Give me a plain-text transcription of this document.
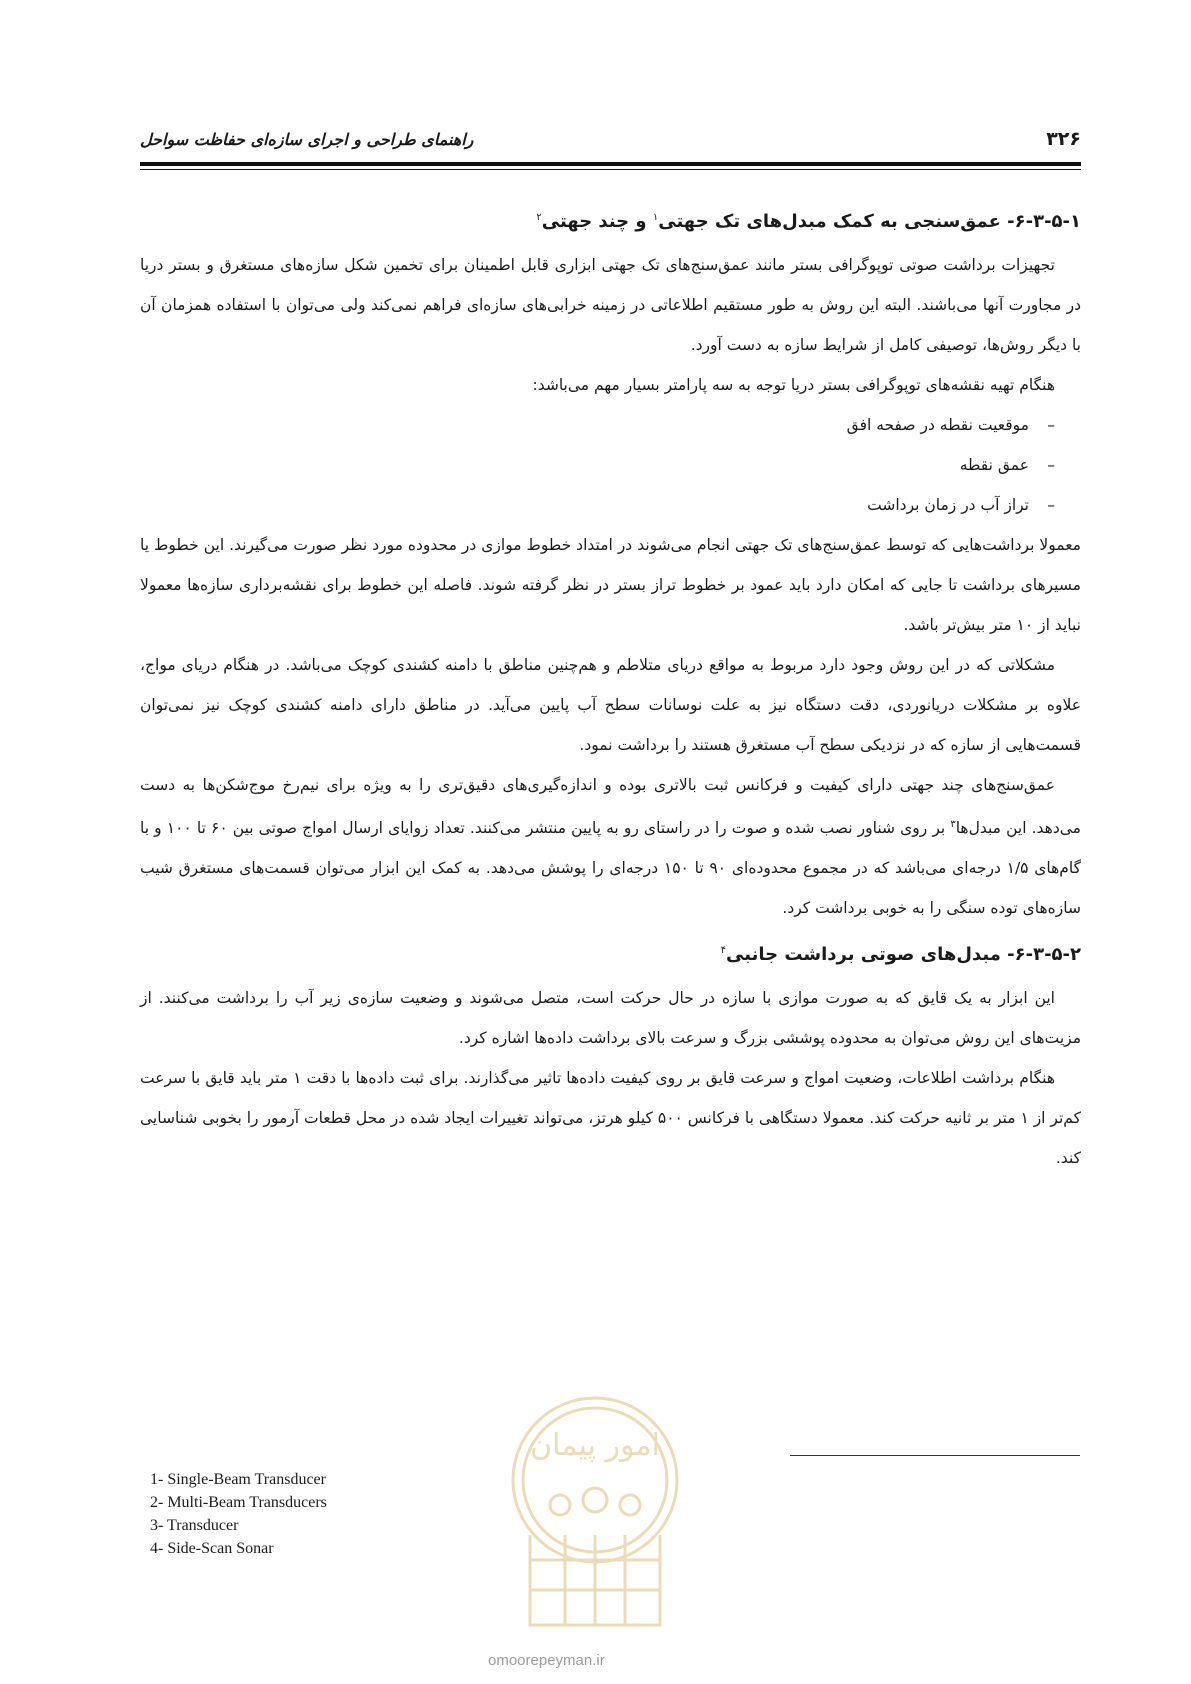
۳۲۶
راهنمای طراحی و اجرای سازه‌ای حفاظت سواحل
۶-۳-۵-۱- عمق‌سنجی به کمک مبدل‌های تک جهتی$^۱$ و چند جهتی$^۲$

تجهیزات برداشت صوتی توپوگرافی بستر مانند عمق‌سنج‌های تک جهتی ابزاری قابل اطمینان برای تخمین شکل سازه‌های مستغرق و بستر دریا در مجاورت آنها می‌باشند. البته این روش به طور مستقیم اطلاعاتی در زمینه خرابی‌های سازه‌ای فراهم نمی‌کند ولی می‌توان با استفاده همزمان آن با دیگر روش‌ها، توصیفی کامل از شرایط سازه به دست آورد.

هنگام تهیه نقشه‌های توپوگرافی بستر دریا توجه به سه پارامتر بسیار مهم می‌باشد:

–موقعیت نقطه در صفحه افق
–عمق نقطه
–تراز آب در زمان برداشت

معمولا برداشت‌هایی که توسط عمق‌سنج‌های تک جهتی انجام می‌شوند در امتداد خطوط موازی در محدوده مورد نظر صورت می‌گیرند. این خطوط یا مسیرهای برداشت تا جایی که امکان دارد باید عمود بر خطوط تراز بستر در نظر گرفته شوند. فاصله این خطوط برای نقشه‌برداری سازه‌ها معمولا نباید از ۱۰ متر بیش‌تر باشد.

مشکلاتی که در این روش وجود دارد مربوط به مواقع دریای متلاطم و هم‌چنین مناطق با دامنه کشندی کوچک می‌باشد. در هنگام دریای مواج، علاوه بر مشکلات دریانوردی، دقت دستگاه نیز به علت نوسانات سطح آب پایین می‌آید. در مناطق دارای دامنه کشندی کوچک نیز نمی‌توان قسمت‌هایی از سازه که در نزدیکی سطح آب مستغرق هستند را برداشت نمود.

عمق‌سنج‌های چند جهتی دارای کیفیت و فرکانس ثبت بالاتری بوده و اندازه‌گیری‌های دقیق‌تری را به ویژه برای نیم‌رخ موج‌شکن‌ها به دست می‌دهد. این مبدل‌ها$^۳$ بر روی شناور نصب شده و صوت را در راستای رو به پایین منتشر می‌کنند. تعداد زوایای ارسال امواج صوتی بین ۶۰ تا ۱۰۰ و با گام‌های ۱/۵ درجه‌ای می‌باشد که در مجموع محدوده‌ای ۹۰ تا ۱۵۰ درجه‌ای را پوشش می‌دهد. به کمک این ابزار می‌توان قسمت‌های مستغرق شیب سازه‌های توده سنگی را به خوبی برداشت کرد.

۶-۳-۵-۲- مبدل‌های صوتی برداشت جانبی$^۴$

این ابزار به یک قایق که به صورت موازی با سازه در حال حرکت است، متصل می‌شوند و وضعیت سازه‌ی زیر آب را برداشت می‌کنند. از مزیت‌های این روش می‌توان به محدوده پوششی بزرگ و سرعت بالای برداشت داده‌ها اشاره کرد.

هنگام برداشت اطلاعات، وضعیت امواج و سرعت قایق بر روی کیفیت داده‌ها تاثیر می‌گذارند. برای ثبت داده‌ها با دقت ۱ متر باید قایق با سرعت کم‌تر از ۱ متر بر ثانیه حرکت کند. معمولا دستگاهی با فرکانس ۵۰۰ کیلو هرتز، می‌تواند تغییرات ایجاد شده در محل قطعات آرمور را بخوبی شناسایی کند.

1- Single-Beam Transducer
2- Multi-Beam Transducers
3- Transducer
4- Side-Scan Sonar
امور پیمان
omoorepeyman.ir
